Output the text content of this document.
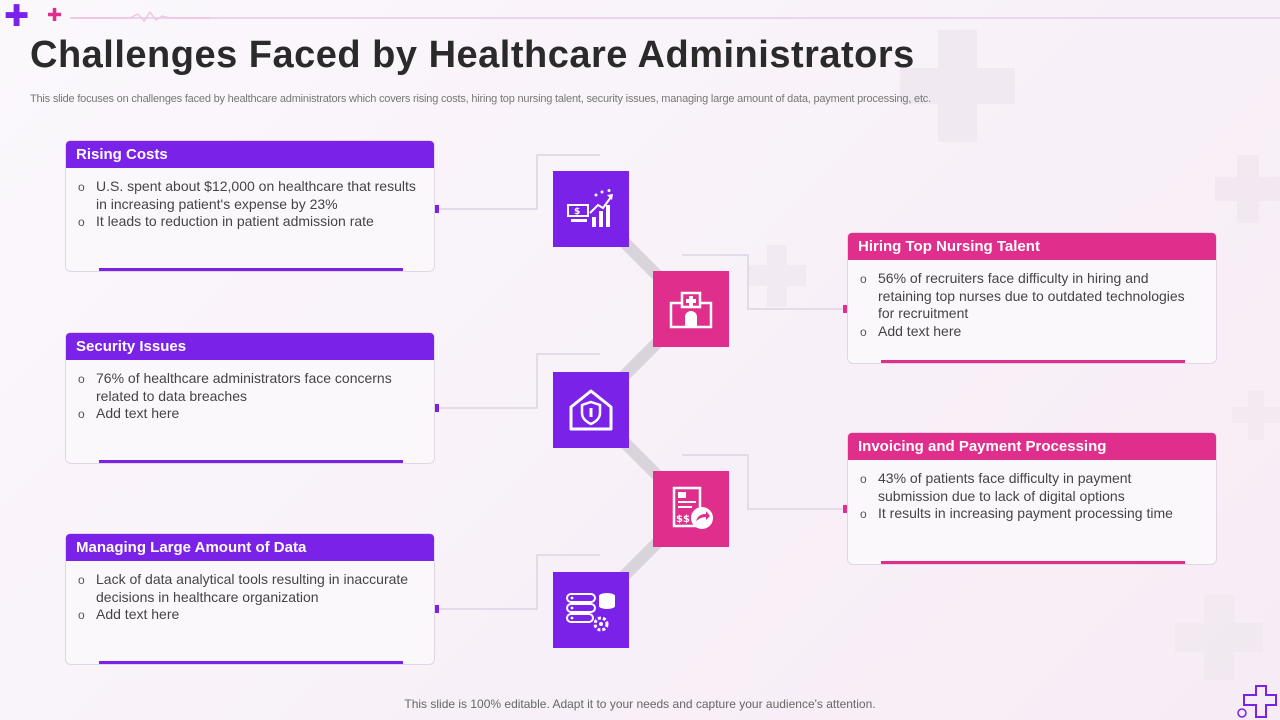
✚ ✚
Challenges Faced by Healthcare Administrators

This slide focuses on challenges faced by healthcare administrators which covers rising costs, hiring top nursing talent, security issues, managing large amount of data, payment processing, etc.

$
$$
Rising Costs
o U.S. spent about $12,000 on healthcare that results in increasing patient's expense by 23%
o It leads to reduction in patient admission rate
Security Issues
o 76% of healthcare administrators face concerns related to data breaches
o Add text here
Managing Large Amount of Data
o Lack of data analytical tools resulting in inaccurate decisions in healthcare organization
o Add text here
Hiring Top Nursing Talent
o 56% of recruiters face difficulty in hiring and retaining top nurses due to outdated technologies for recruitment
o Add text here
Invoicing and Payment Processing
o 43% of patients face difficulty in payment submission due to lack of digital options
o It results in increasing payment processing time
This slide is 100% editable. Adapt it to your needs and capture your audience's attention.
